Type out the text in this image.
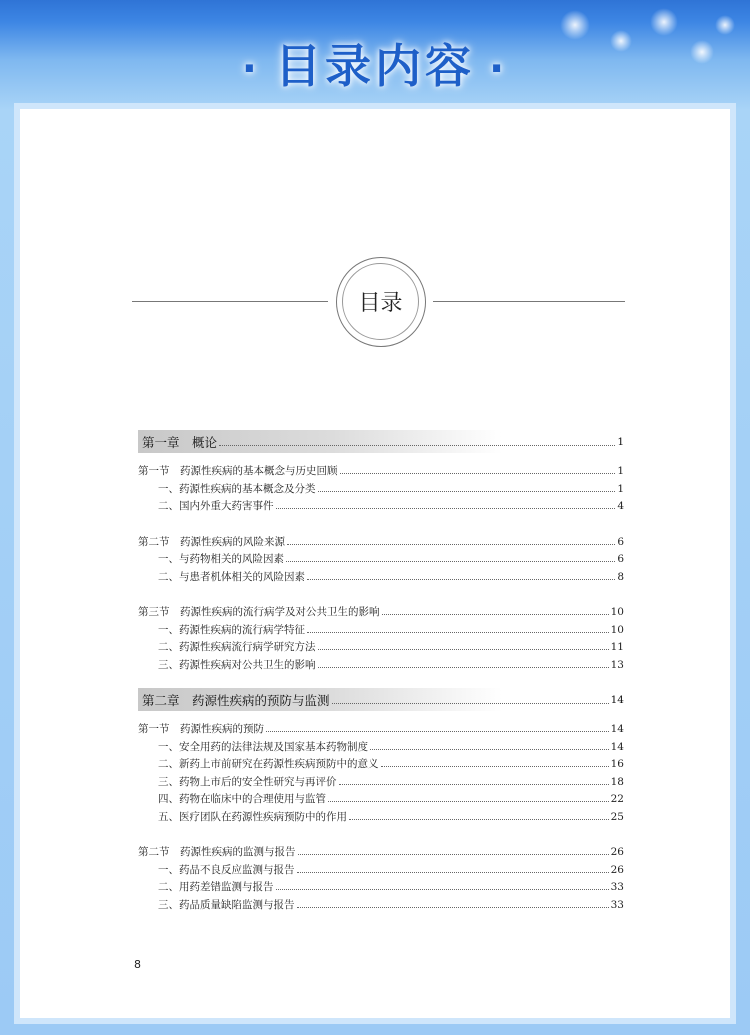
· 目录内容 ·
目录
第一章　概论	1
第一节　药源性疾病的基本概念与历史回顾	1
一、药源性疾病的基本概念及分类	1
二、国内外重大药害事件	4
第二节　药源性疾病的风险来源	6
一、与药物相关的风险因素	6
二、与患者机体相关的风险因素	8
第三节　药源性疾病的流行病学及对公共卫生的影响	10
一、药源性疾病的流行病学特征	10
二、药源性疾病流行病学研究方法	11
三、药源性疾病对公共卫生的影响	13
第二章　药源性疾病的预防与监测	14
第一节　药源性疾病的预防	14
一、安全用药的法律法规及国家基本药物制度	14
二、新药上市前研究在药源性疾病预防中的意义	16
三、药物上市后的安全性研究与再评价	18
四、药物在临床中的合理使用与监管	22
五、医疗团队在药源性疾病预防中的作用	25
第二节　药源性疾病的监测与报告	26
一、药品不良反应监测与报告	26
二、用药差错监测与报告	33
三、药品质量缺陷监测与报告	33
8
